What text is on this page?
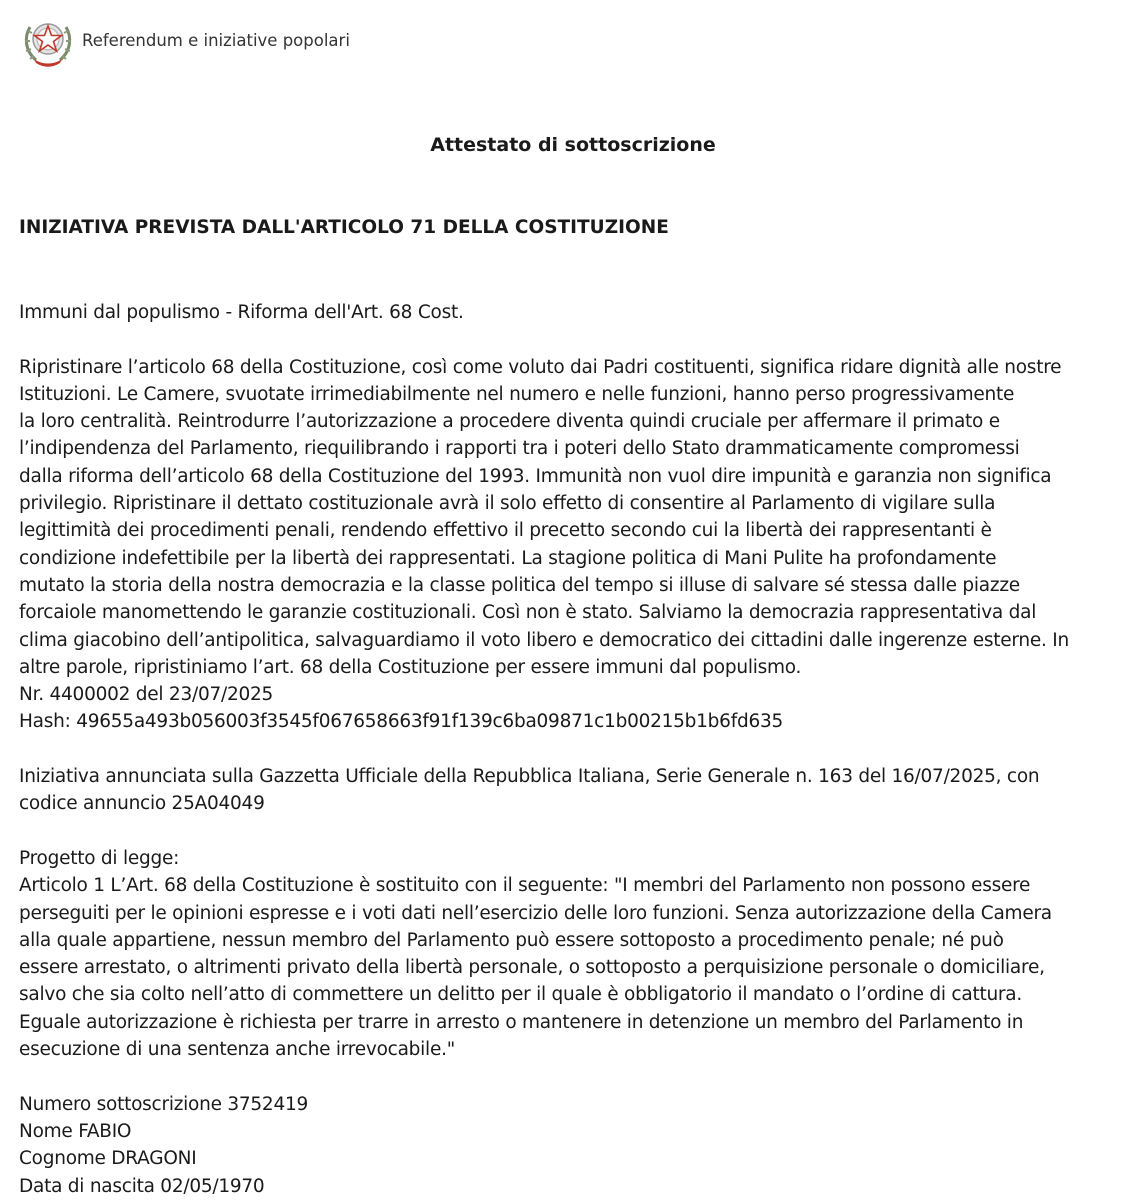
Referendum e iniziative popolari
Attestato di sottoscrizione
INIZIATIVA PREVISTA DALL'ARTICOLO 71 DELLA COSTITUZIONE
Immuni dal populismo - Riforma dell'Art. 68 Cost.
Ripristinare l’articolo 68 della Costituzione, così come voluto dai Padri costituenti, significa ridare dignità alle nostre
Istituzioni. Le Camere, svuotate irrimediabilmente nel numero e nelle funzioni, hanno perso progressivamente
la loro centralità. Reintrodurre l’autorizzazione a procedere diventa quindi cruciale per affermare il primato e
l’indipendenza del Parlamento, riequilibrando i rapporti tra i poteri dello Stato drammaticamente compromessi
dalla riforma dell’articolo 68 della Costituzione del 1993. Immunità non vuol dire impunità e garanzia non significa
privilegio. Ripristinare il dettato costituzionale avrà il solo effetto di consentire al Parlamento di vigilare sulla
legittimità dei procedimenti penali, rendendo effettivo il precetto secondo cui la libertà dei rappresentanti è
condizione indefettibile per la libertà dei rappresentati. La stagione politica di Mani Pulite ha profondamente
mutato la storia della nostra democrazia e la classe politica del tempo si illuse di salvare sé stessa dalle piazze
forcaiole manomettendo le garanzie costituzionali. Così non è stato. Salviamo la democrazia rappresentativa dal
clima giacobino dell’antipolitica, salvaguardiamo il voto libero e democratico dei cittadini dalle ingerenze esterne. In
altre parole, ripristiniamo l’art. 68 della Costituzione per essere immuni dal populismo.
Nr. 4400002 del 23/07/2025
Hash: 49655a493b056003f3545f067658663f91f139c6ba09871c1b00215b1b6fd635
Iniziativa annunciata sulla Gazzetta Ufficiale della Repubblica Italiana, Serie Generale n. 163 del 16/07/2025, con
codice annuncio 25A04049
Progetto di legge:
Articolo 1 L’Art. 68 della Costituzione è sostituito con il seguente: "I membri del Parlamento non possono essere
perseguiti per le opinioni espresse e i voti dati nell’esercizio delle loro funzioni. Senza autorizzazione della Camera
alla quale appartiene, nessun membro del Parlamento può essere sottoposto a procedimento penale; né può
essere arrestato, o altrimenti privato della libertà personale, o sottoposto a perquisizione personale o domiciliare,
salvo che sia colto nell’atto di commettere un delitto per il quale è obbligatorio il mandato o l’ordine di cattura.
Eguale autorizzazione è richiesta per trarre in arresto o mantenere in detenzione un membro del Parlamento in
esecuzione di una sentenza anche irrevocabile."
Numero sottoscrizione 3752419
Nome FABIO
Cognome DRAGONI
Data di nascita 02/05/1970
